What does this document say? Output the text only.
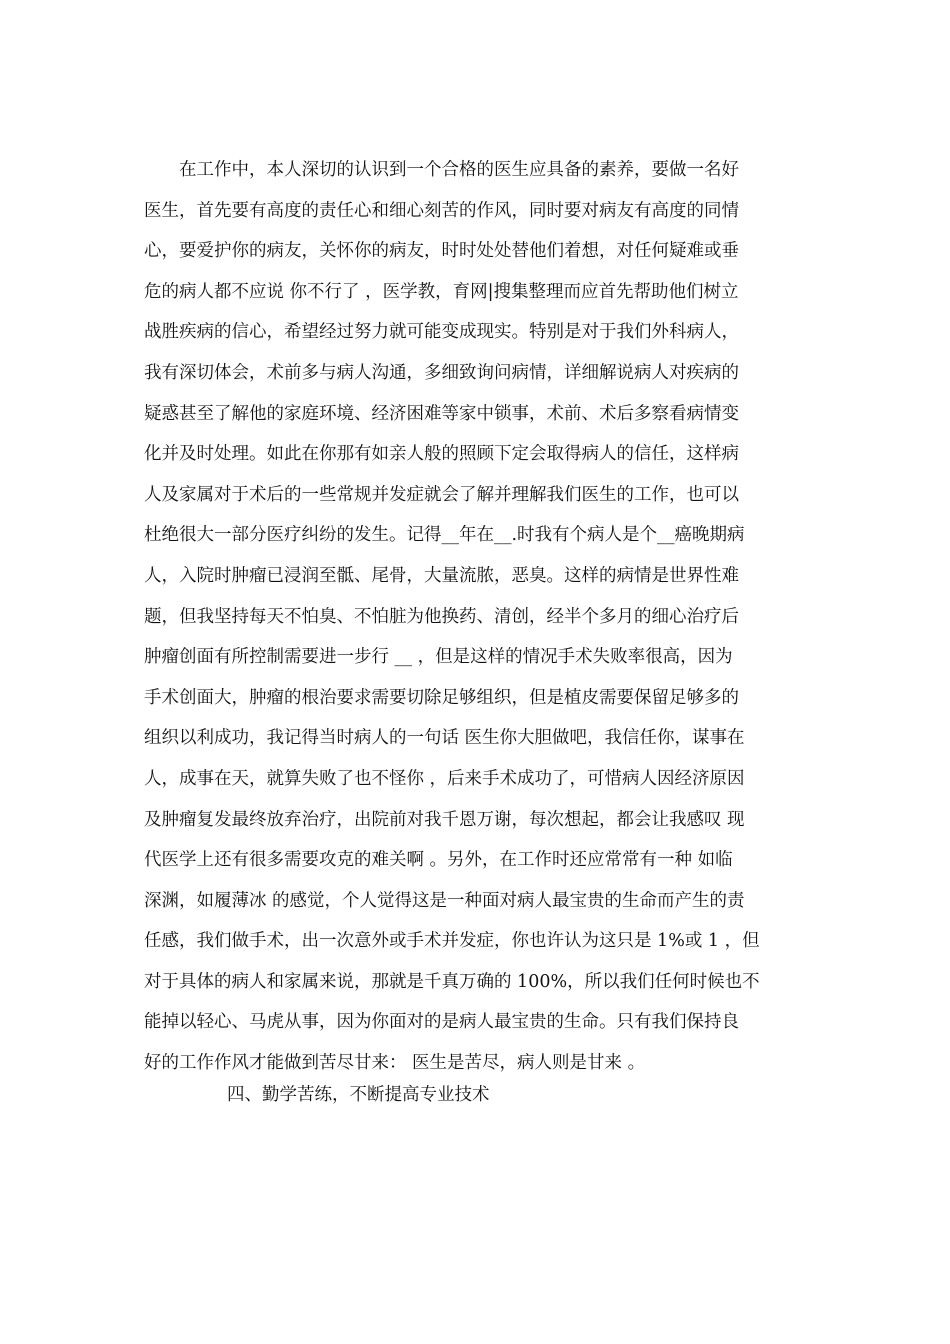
　　在工作中，本人深切的认识到一个合格的医生应具备的素养，要做一名好
医生，首先要有高度的责任心和细心刻苦的作风，同时要对病友有高度的同情
心，要爱护你的病友，关怀你的病友，时时处处替他们着想，对任何疑难或垂
危的病人都不应说 你不行了 ，医学教，育网|搜集整理而应首先帮助他们树立
战胜疾病的信心，希望经过努力就可能变成现实。特别是对于我们外科病人，
我有深切体会，术前多与病人沟通，多细致询问病情，详细解说病人对疾病的
疑惑甚至了解他的家庭环境、经济困难等家中锁事，术前、术后多察看病情变
化并及时处理。如此在你那有如亲人般的照顾下定会取得病人的信任，这样病
人及家属对于术后的一些常规并发症就会了解并理解我们医生的工作，也可以
杜绝很大一部分医疗纠纷的发生。记得__年在__.时我有个病人是个__癌晚期病
人，入院时肿瘤已浸润至骶、尾骨，大量流脓，恶臭。这样的病情是世界性难
题，但我坚持每天不怕臭、不怕脏为他换药、清创，经半个多月的细心治疗后
肿瘤创面有所控制需要进一步行 __ ，但是这样的情况手术失败率很高，因为
手术创面大，肿瘤的根治要求需要切除足够组织，但是植皮需要保留足够多的
组织以利成功，我记得当时病人的一句话 医生你大胆做吧，我信任你，谋事在
人，成事在天，就算失败了也不怪你 ，后来手术成功了，可惜病人因经济原因
及肿瘤复发最终放弃治疗，出院前对我千恩万谢，每次想起，都会让我感叹 现
代医学上还有很多需要攻克的难关啊 。另外，在工作时还应常常有一种 如临
深渊，如履薄冰 的感觉，个人觉得这是一种面对病人最宝贵的生命而产生的责
任感，我们做手术，出一次意外或手术并发症，你也许认为这只是 1%或 1 ，但
对于具体的病人和家属来说，那就是千真万确的 100%，所以我们任何时候也不
能掉以轻心、马虎从事，因为你面对的是病人最宝贵的生命。只有我们保持良
好的工作作风才能做到苦尽甘来： 医生是苦尽，病人则是甘来 。
　　四、勤学苦练，不断提高专业技术
